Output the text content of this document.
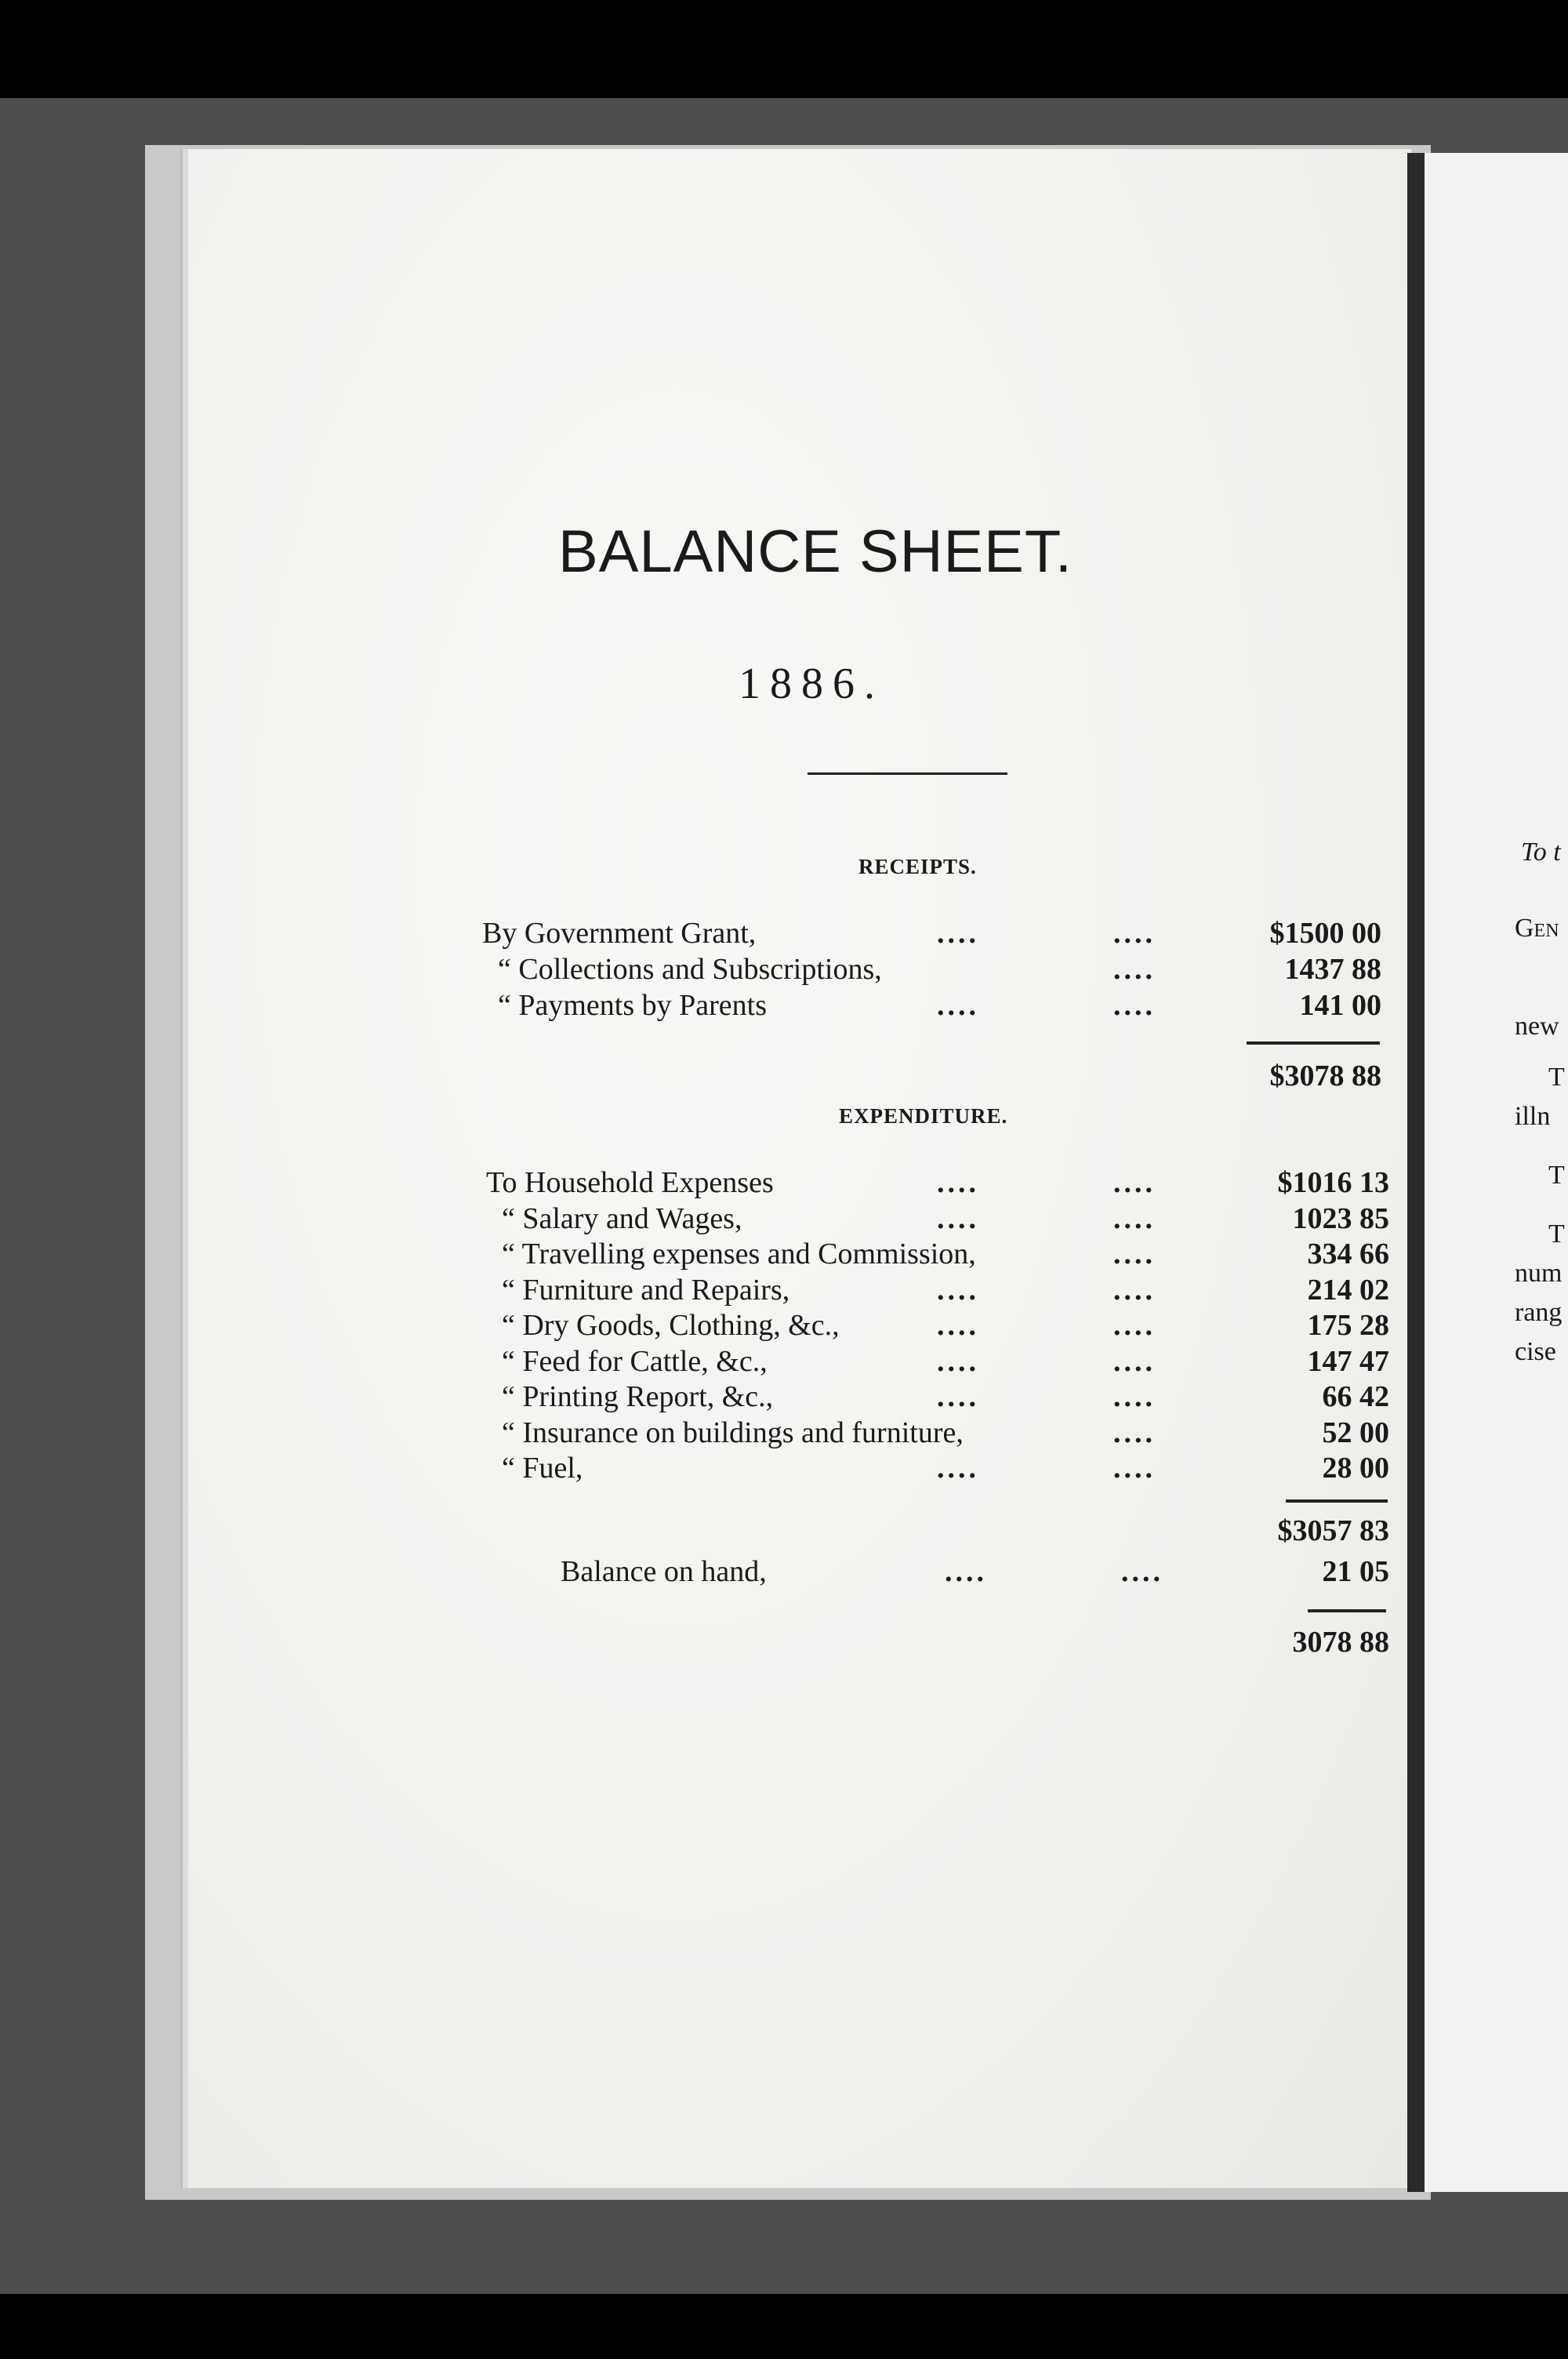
To t
Gen
new
T
illn
T
T
num
rang
cise
BALANCE SHEET.
1886.
RECEIPTS.
By Government Grant,	....	....	$1500 00
“ Collections and Subscriptions,	....	1437 88
“ Payments by Parents	....	....	141 00
$3078 88
EXPENDITURE.
To Household Expenses	....	....	$1016 13
“ Salary and Wages,	....	....	1023 85
“ Travelling expenses and Commission,	....	334 66
“ Furniture and Repairs,	....	....	214 02
“ Dry Goods, Clothing, &c.,	....	....	175 28
“ Feed for Cattle, &c.,	....	....	147 47
“ Printing Report, &c.,	....	....	66 42
“ Insurance on buildings and furniture,	....	52 00
“ Fuel,	....	....	28 00
$3057 83
Balance on hand,	....	....	21 05
3078 88
